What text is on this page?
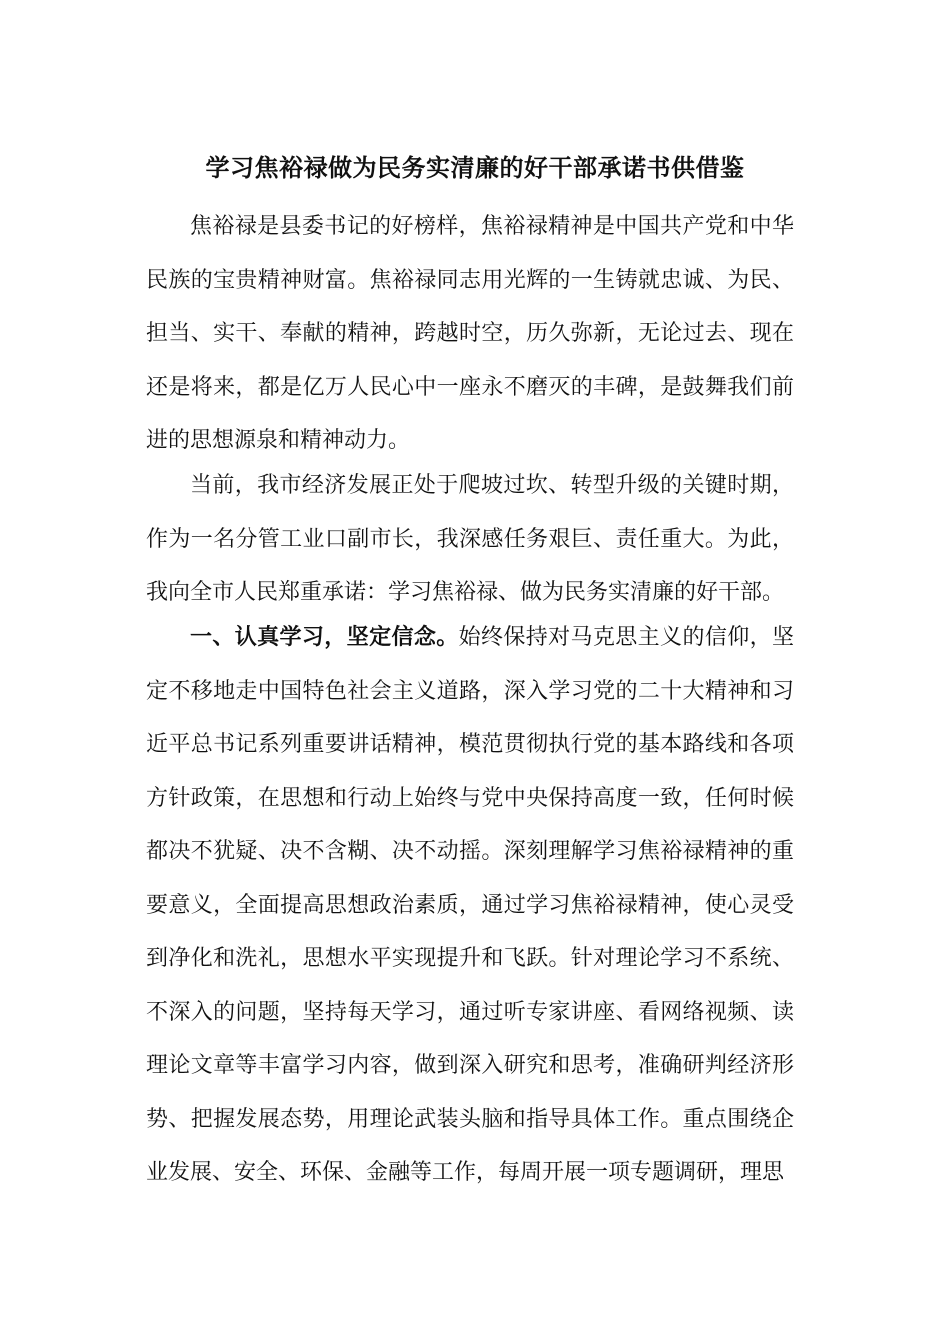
学习焦裕禄做为民务实清廉的好干部承诺书供借鉴

焦裕禄是县委书记的好榜样，焦裕禄精神是中国共产党和中华民族的宝贵精神财富。焦裕禄同志用光辉的一生铸就忠诚、为民、担当、实干、奉献的精神，跨越时空，历久弥新，无论过去、现在还是将来，都是亿万人民心中一座永不磨灭的丰碑，是鼓舞我们前进的思想源泉和精神动力。

当前，我市经济发展正处于爬坡过坎、转型升级的关键时期，作为一名分管工业口副市长，我深感任务艰巨、责任重大。为此，我向全市人民郑重承诺：学习焦裕禄、做为民务实清廉的好干部。

一、认真学习，坚定信念。始终保持对马克思主义的信仰，坚定不移地走中国特色社会主义道路，深入学习党的二十大精神和习近平总书记系列重要讲话精神，模范贯彻执行党的基本路线和各项方针政策，在思想和行动上始终与党中央保持高度一致，任何时候都决不犹疑、决不含糊、决不动摇。深刻理解学习焦裕禄精神的重要意义，全面提高思想政治素质，通过学习焦裕禄精神，使心灵受到净化和洗礼，思想水平实现提升和飞跃。针对理论学习不系统、不深入的问题，坚持每天学习，通过听专家讲座、看网络视频、读理论文章等丰富学习内容，做到深入研究和思考，准确研判经济形势、把握发展态势，用理论武装头脑和指导具体工作。重点围绕企业发展、安全、环保、金融等工作，每周开展一项专题调研，理思
